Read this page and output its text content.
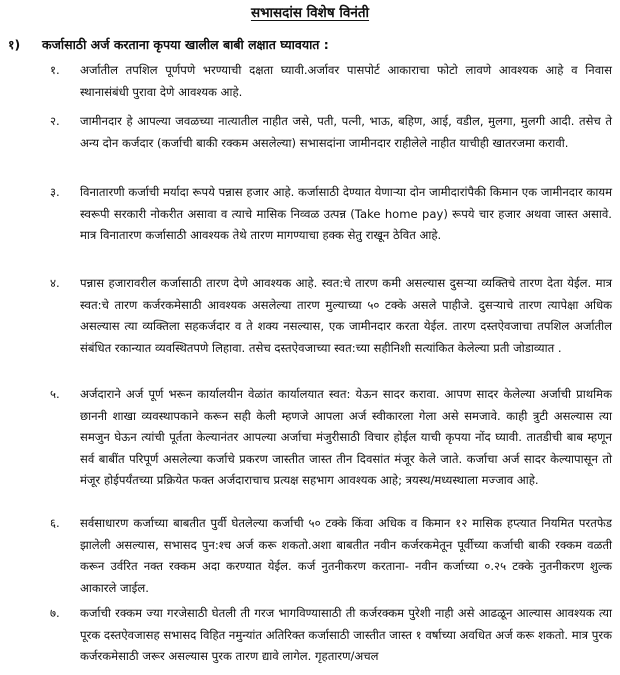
सभासदांस विशेष विनंती
१) कर्जासाठी अर्ज करताना कृपया खालील बाबी लक्षात घ्यावयात :
१.	अर्जातील तपशिल पूर्णपणे भरण्याची दक्षता घ्यावी.अर्जावर पासपोर्ट आकाराचा फोटो लावणे आवश्यक आहे व निवास स्थानासंबंधी पुरावा देणे आवश्यक आहे.
२.	जामीनदार हे आपल्या जवळच्या नात्यातील नाहीत जसे, पती, पत्नी, भाऊ, बहिण, आई, वडील, मुलगा, मुलगी आदी. तसेच ते अन्य दोन कर्जदार (कर्जाची बाकी रक्कम असलेल्या) सभासदांना जामीनदार राहीलेले नाहीत याचीही खातरजमा करावी.
३.	विनातारणी कर्जाची मर्यादा रूपये पन्नास हजार आहे. कर्जासाठी देण्यात येणाऱ्या दोन जामीदारांपैकी किमान एक जामीनदार कायम स्वरूपी सरकारी नोकरीत असावा व त्याचे मासिक निव्वळ उत्पन्न (Take home pay) रूपये चार हजार अथवा जास्त असावे. मात्र विनातारण कर्जासाठी आवश्यक तेथे तारण मागण्याचा हक्क सेतु राखून ठेवित आहे.
४.	पन्नास हजारावरील कर्जासाठी तारण देणे आवश्यक आहे. स्वत:चे तारण कमी असल्यास दुसऱ्या व्यक्तिचे तारण देता येईल. मात्र स्वत:चे तारण कर्जरकमेसाठी आवश्यक असलेल्या तारण मुल्याच्या ५० टक्के असले पाहीजे. दुसऱ्याचे तारण त्यापेक्षा अधिक असल्यास त्या व्यक्तिला सहकर्जदार व ते शक्य नसल्यास, एक जामीनदार करता येईल. तारण दस्तऐवजाचा तपशिल अर्जातील संबंधित रकान्यात व्यवस्थितपणे लिहावा. तसेच दस्तऐवजाच्या स्वत:च्या सहीनिशी सत्यांकित केलेल्या प्रती जोडाव्यात .
५.	अर्जदाराने अर्ज पूर्ण भरून कार्यालयीन वेळांत कार्यालयात स्वत: येऊन सादर करावा. आपण सादर केलेल्या अर्जाची प्राथमिक छाननी शाखा व्यवस्थापकाने करून सही केली म्हणजे आपला अर्ज स्वीकारला गेला असे समजावे. काही त्रुटी असल्यास त्या समजुन घेऊन त्यांची पूर्तता केल्यानंतर आपल्या अर्जाचा मंजुरीसाठी विचार होईल याची कृपया नोंद घ्यावी. तातडीची बाब म्हणून सर्व बाबींत परिपूर्ण असलेल्या कर्जाचे प्रकरण जास्तीत जास्त तीन दिवसांत मंजूर केले जाते. कर्जाचा अर्ज सादर केल्यापासून तो मंजूर होईपर्यंतच्या प्रक्रियेत फक्त अर्जदाराचाच प्रत्यक्ष सहभाग आवश्यक आहे; त्रयस्थ/मध्यस्थाला मज्जाव आहे.
६.	सर्वसाधारण कर्जाच्या बाबतीत पुर्वी घेतलेल्या कर्जाची ५० टक्के किंवा अधिक व किमान १२ मासिक हप्त्यात नियमित परतफेड झालेली असल्यास, सभासद पुन:श्च अर्ज करू शकतो.अशा बाबतीत नवीन कर्जरकमेतून पूर्वीच्या कर्जाची बाकी रक्कम वळती करून उर्वरित नक्त रक्कम अदा करण्यात येईल. कर्ज नुतनीकरण करताना- नवीन कर्जाच्या ०.२५ टक्के नुतनीकरण शुल्क आकारले जाईल.
७.	कर्जाची रक्कम ज्या गरजेसाठी घेतली ती गरज भागविण्यासाठी ती कर्जरक्कम पुरेशी नाही असे आढळून आल्यास आवश्यक त्या पूरक दस्तऐवजासह सभासद विहित नमुन्यांत अतिरिक्त कर्जासाठी जास्तीत जास्त १ वर्षाच्या अवधित अर्ज करू शकतो. मात्र पुरक कर्जरकमेसाठी जरूर असल्यास पुरक तारण द्यावे लागेल. गृहतारण/अचल
